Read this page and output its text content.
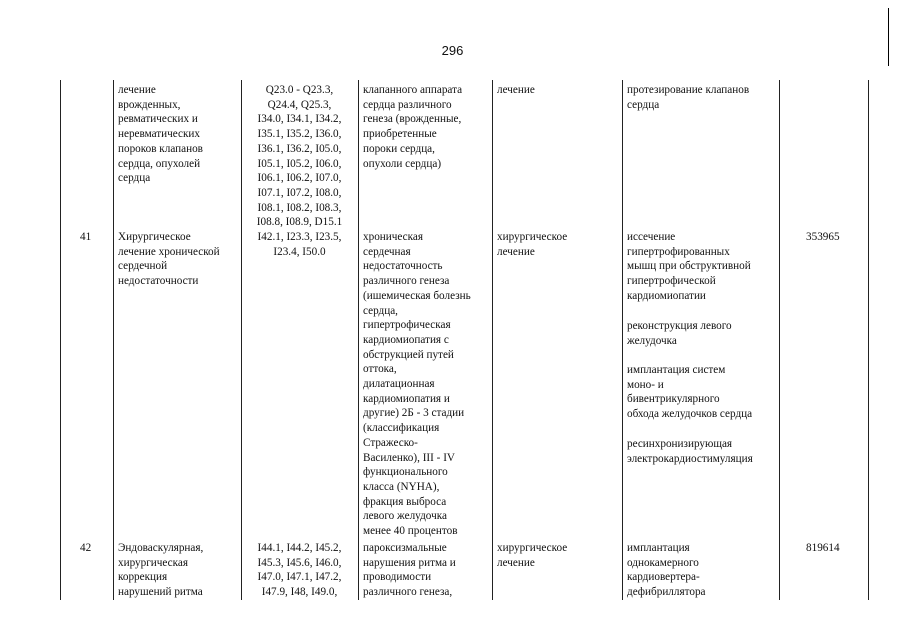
296
лечение
врожденных,
ревматических и
неревматических
пороков клапанов
сердца, опухолей
сердца
Q23.0 - Q23.3,
Q24.4, Q25.3,
I34.0, I34.1, I34.2,
I35.1, I35.2, I36.0,
I36.1, I36.2, I05.0,
I05.1, I05.2, I06.0,
I06.1, I06.2, I07.0,
I07.1, I07.2, I08.0,
I08.1, I08.2, I08.3,
I08.8, I08.9, D15.1
клапанного аппарата
сердца различного
генеза (врожденные,
приобретенные
пороки сердца,
опухоли сердца)
лечение	протезирование клапанов
сердца
41 Хирургическое
лечение хронической
сердечной
недостаточности
I42.1, I23.3, I23.5,
I23.4, I50.0
хроническая
сердечная
недостаточность
различного генеза
(ишемическая болезнь
сердца,
гипертрофическая
кардиомиопатия с
обструкцией путей
оттока,
дилатационная
кардиомиопатия и
другие) 2Б - 3 стадии
(классификация
Стражеско-
Василенко), III - IV
функционального
класса (NYHA),
фракция выброса
левого желудочка
менее 40 процентов
хирургическое
лечение
иссечение
гипертрофированных
мышц при обструктивной
гипертрофической
кардиомиопатии
реконструкция левого
желудочка
имплантация систем
моно- и
бивентрикулярного
обхода желудочков сердца
ресинхронизирующая
электрокардиостимуляция
353965
42 Эндоваскулярная,
хирургическая
коррекция
нарушений ритма
I44.1, I44.2, I45.2,
I45.3, I45.6, I46.0,
I47.0, I47.1, I47.2,
I47.9, I48, I49.0,
пароксизмальные
нарушения ритма и
проводимости
различного генеза,
хирургическое
лечение
имплантация
однокамерного
кардиовертера-
дефибриллятора
819614
